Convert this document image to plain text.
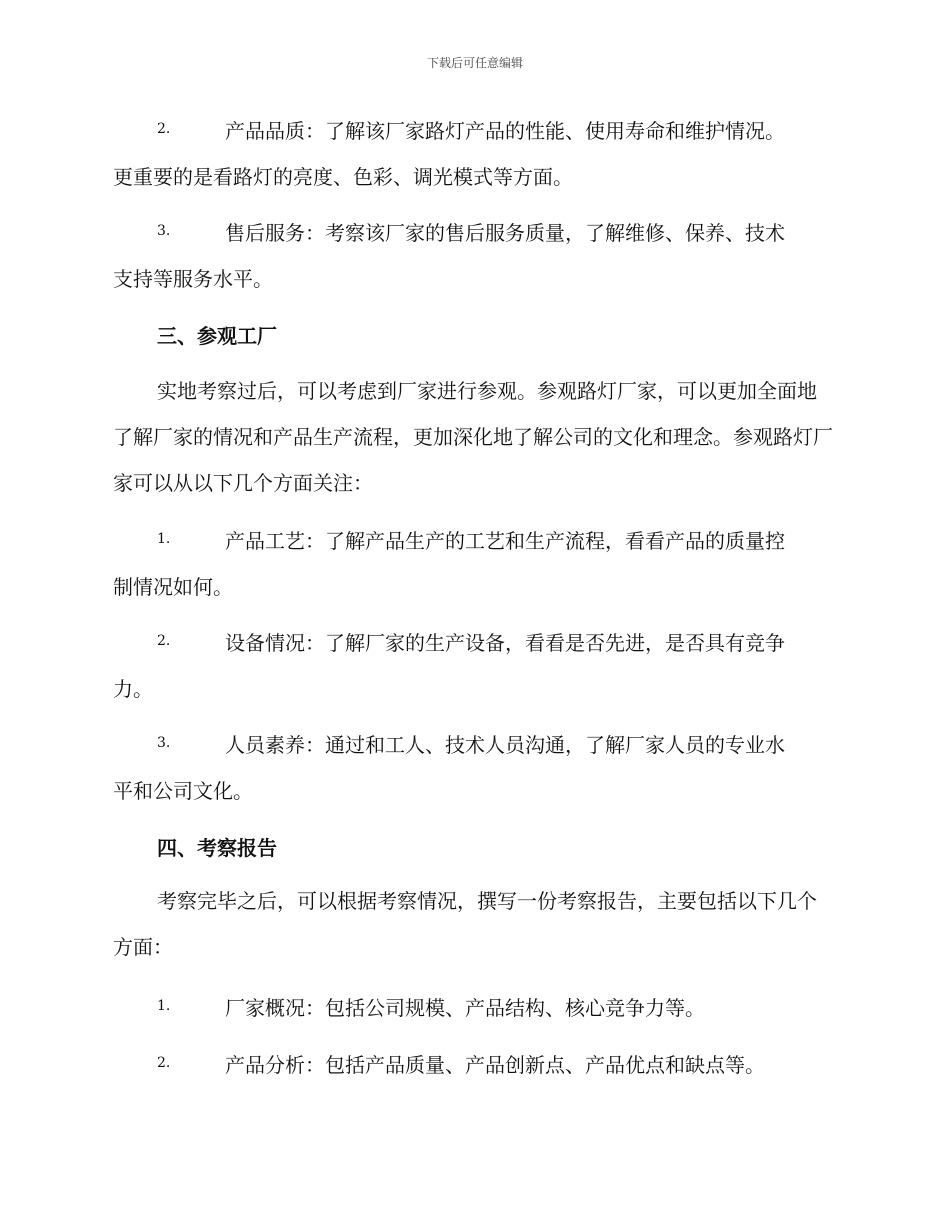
下载后可任意编辑
2.	产品品质：了解该厂家路灯产品的性能、使用寿命和维护情况。
更重要的是看路灯的亮度、色彩、调光模式等方面。
3.	售后服务：考察该厂家的售后服务质量，了解维修、保养、技术
支持等服务水平。
三、参观工厂
实地考察过后，可以考虑到厂家进行参观。参观路灯厂家，可以更加全面地了解厂家的情况和产品生产流程，更加深化地了解公司的文化和理念。参观路灯厂家可以从以下几个方面关注：
1.	产品工艺：了解产品生产的工艺和生产流程，看看产品的质量控
制情况如何。
2.	设备情况：了解厂家的生产设备，看看是否先进，是否具有竞争
力。
3.	人员素养：通过和工人、技术人员沟通，了解厂家人员的专业水
平和公司文化。
四、考察报告
考察完毕之后，可以根据考察情况，撰写一份考察报告，主要包括以下几个方面：
1.	厂家概况：包括公司规模、产品结构、核心竞争力等。
2.	产品分析：包括产品质量、产品创新点、产品优点和缺点等。
